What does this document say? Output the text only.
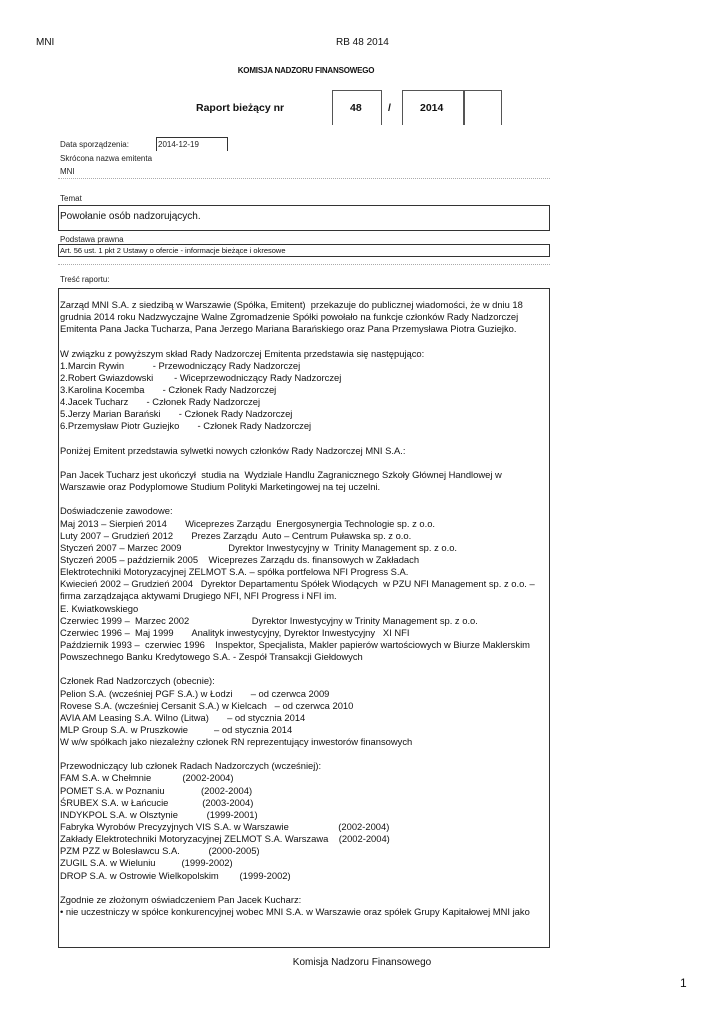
MNI	RB 48 2014
KOMISJA NADZORU FINANSOWEGO
Raport bieżący nr	48	/	2014
Data sporządzenia:	2014-12-19
Skrócona nazwa emitenta
MNI
Temat
Powołanie osób nadzorujących.
Podstawa prawna
Art. 56 ust. 1 pkt 2 Ustawy o ofercie - informacje bieżące i okresowe
Treść raportu:
Zarząd MNI S.A. z siedzibą w Warszawie (Spółka, Emitent)  przekazuje do publicznej wiadomości, że w dniu 18
grudnia 2014 roku Nadzwyczajne Walne Zgromadzenie Spółki powołało na funkcje członków Rady Nadzorczej
Emitenta Pana Jacka Tucharza, Pana Jerzego Mariana Barańskiego oraz Pana Przemysława Piotra Guziejko.
W związku z powyższym skład Rady Nadzorczej Emitenta przedstawia się następująco:
1.Marcin Rywin           - Przewodniczący Rady Nadzorczej
2.Robert Gwiazdowski        - Wiceprzewodniczący Rady Nadzorczej
3.Karolina Kocemba       - Członek Rady Nadzorczej
4.Jacek Tucharz       - Członek Rady Nadzorczej
5.Jerzy Marian Barański       - Członek Rady Nadzorczej
6.Przemysław Piotr Guziejko       - Członek Rady Nadzorczej
Poniżej Emitent przedstawia sylwetki nowych członków Rady Nadzorczej MNI S.A.:
Pan Jacek Tucharz jest ukończył  studia na  Wydziale Handlu Zagranicznego Szkoły Głównej Handlowej w
Warszawie oraz Podyplomowe Studium Polityki Marketingowej na tej uczelni.
Doświadczenie zawodowe:
Maj 2013 – Sierpień 2014       Wiceprezes Zarządu  Energosynergia Technologie sp. z o.o.
Luty 2007 – Grudzień 2012       Prezes Zarządu  Auto – Centrum Puławska sp. z o.o.
Styczeń 2007 – Marzec 2009                  Dyrektor Inwestycyjny w  Trinity Management sp. z o.o.
Styczeń 2005 – październik 2005    Wiceprezes Zarządu ds. finansowych w Zakładach
Elektrotechniki Motoryzacyjnej ZELMOT S.A. – spółka portfelowa NFI Progress S.A.
Kwiecień 2002 – Grudzień 2004   Dyrektor Departamentu Spółek Wiodących  w PZU NFI Management sp. z o.o. –
firma zarządzająca aktywami Drugiego NFI, NFI Progress i NFI im.
E. Kwiatkowskiego
Czerwiec 1999 –  Marzec 2002                        Dyrektor Inwestycyjny w Trinity Management sp. z o.o.
Czerwiec 1996 –  Maj 1999       Analityk inwestycyjny, Dyrektor Inwestycyjny   XI NFI
Październik 1993 –  czerwiec 1996    Inspektor, Specjalista, Makler papierów wartościowych w Biurze Maklerskim
Powszechnego Banku Kredytowego S.A. - Zespół Transakcji Giełdowych
Członek Rad Nadzorczych (obecnie):
Pelion S.A. (wcześniej PGF S.A.) w Łodzi       – od czerwca 2009
Rovese S.A. (wcześniej Cersanit S.A.) w Kielcach   – od czerwca 2010
AVIA AM Leasing S.A. Wilno (Litwa)       – od stycznia 2014
MLP Group S.A. w Pruszkowie          – od stycznia 2014
W w/w spółkach jako niezależny członek RN reprezentujący inwestorów finansowych
Przewodniczący lub członek Radach Nadzorczych (wcześniej):
FAM S.A. w Chełmnie            (2002-2004)
POMET S.A. w Poznaniu              (2002-2004)
ŚRUBEX S.A. w Łańcucie             (2003-2004)
INDYKPOL S.A. w Olsztynie           (1999-2001)
Fabryka Wyrobów Precyzyjnych VIS S.A. w Warszawie                   (2002-2004)
Zakłady Elektrotechniki Motoryzacyjnej ZELMOT S.A. Warszawa    (2002-2004)
PZM PZZ w Bolesławcu S.A.           (2000-2005)
ZUGIL S.A. w Wieluniu          (1999-2002)
DROP S.A. w Ostrowie Wielkopolskim        (1999-2002)
Zgodnie ze złożonym oświadczeniem Pan Jacek Kucharz:
• nie uczestniczy w spółce konkurencyjnej wobec MNI S.A. w Warszawie oraz spółek Grupy Kapitałowej MNI jako
Komisja Nadzoru Finansowego
1
